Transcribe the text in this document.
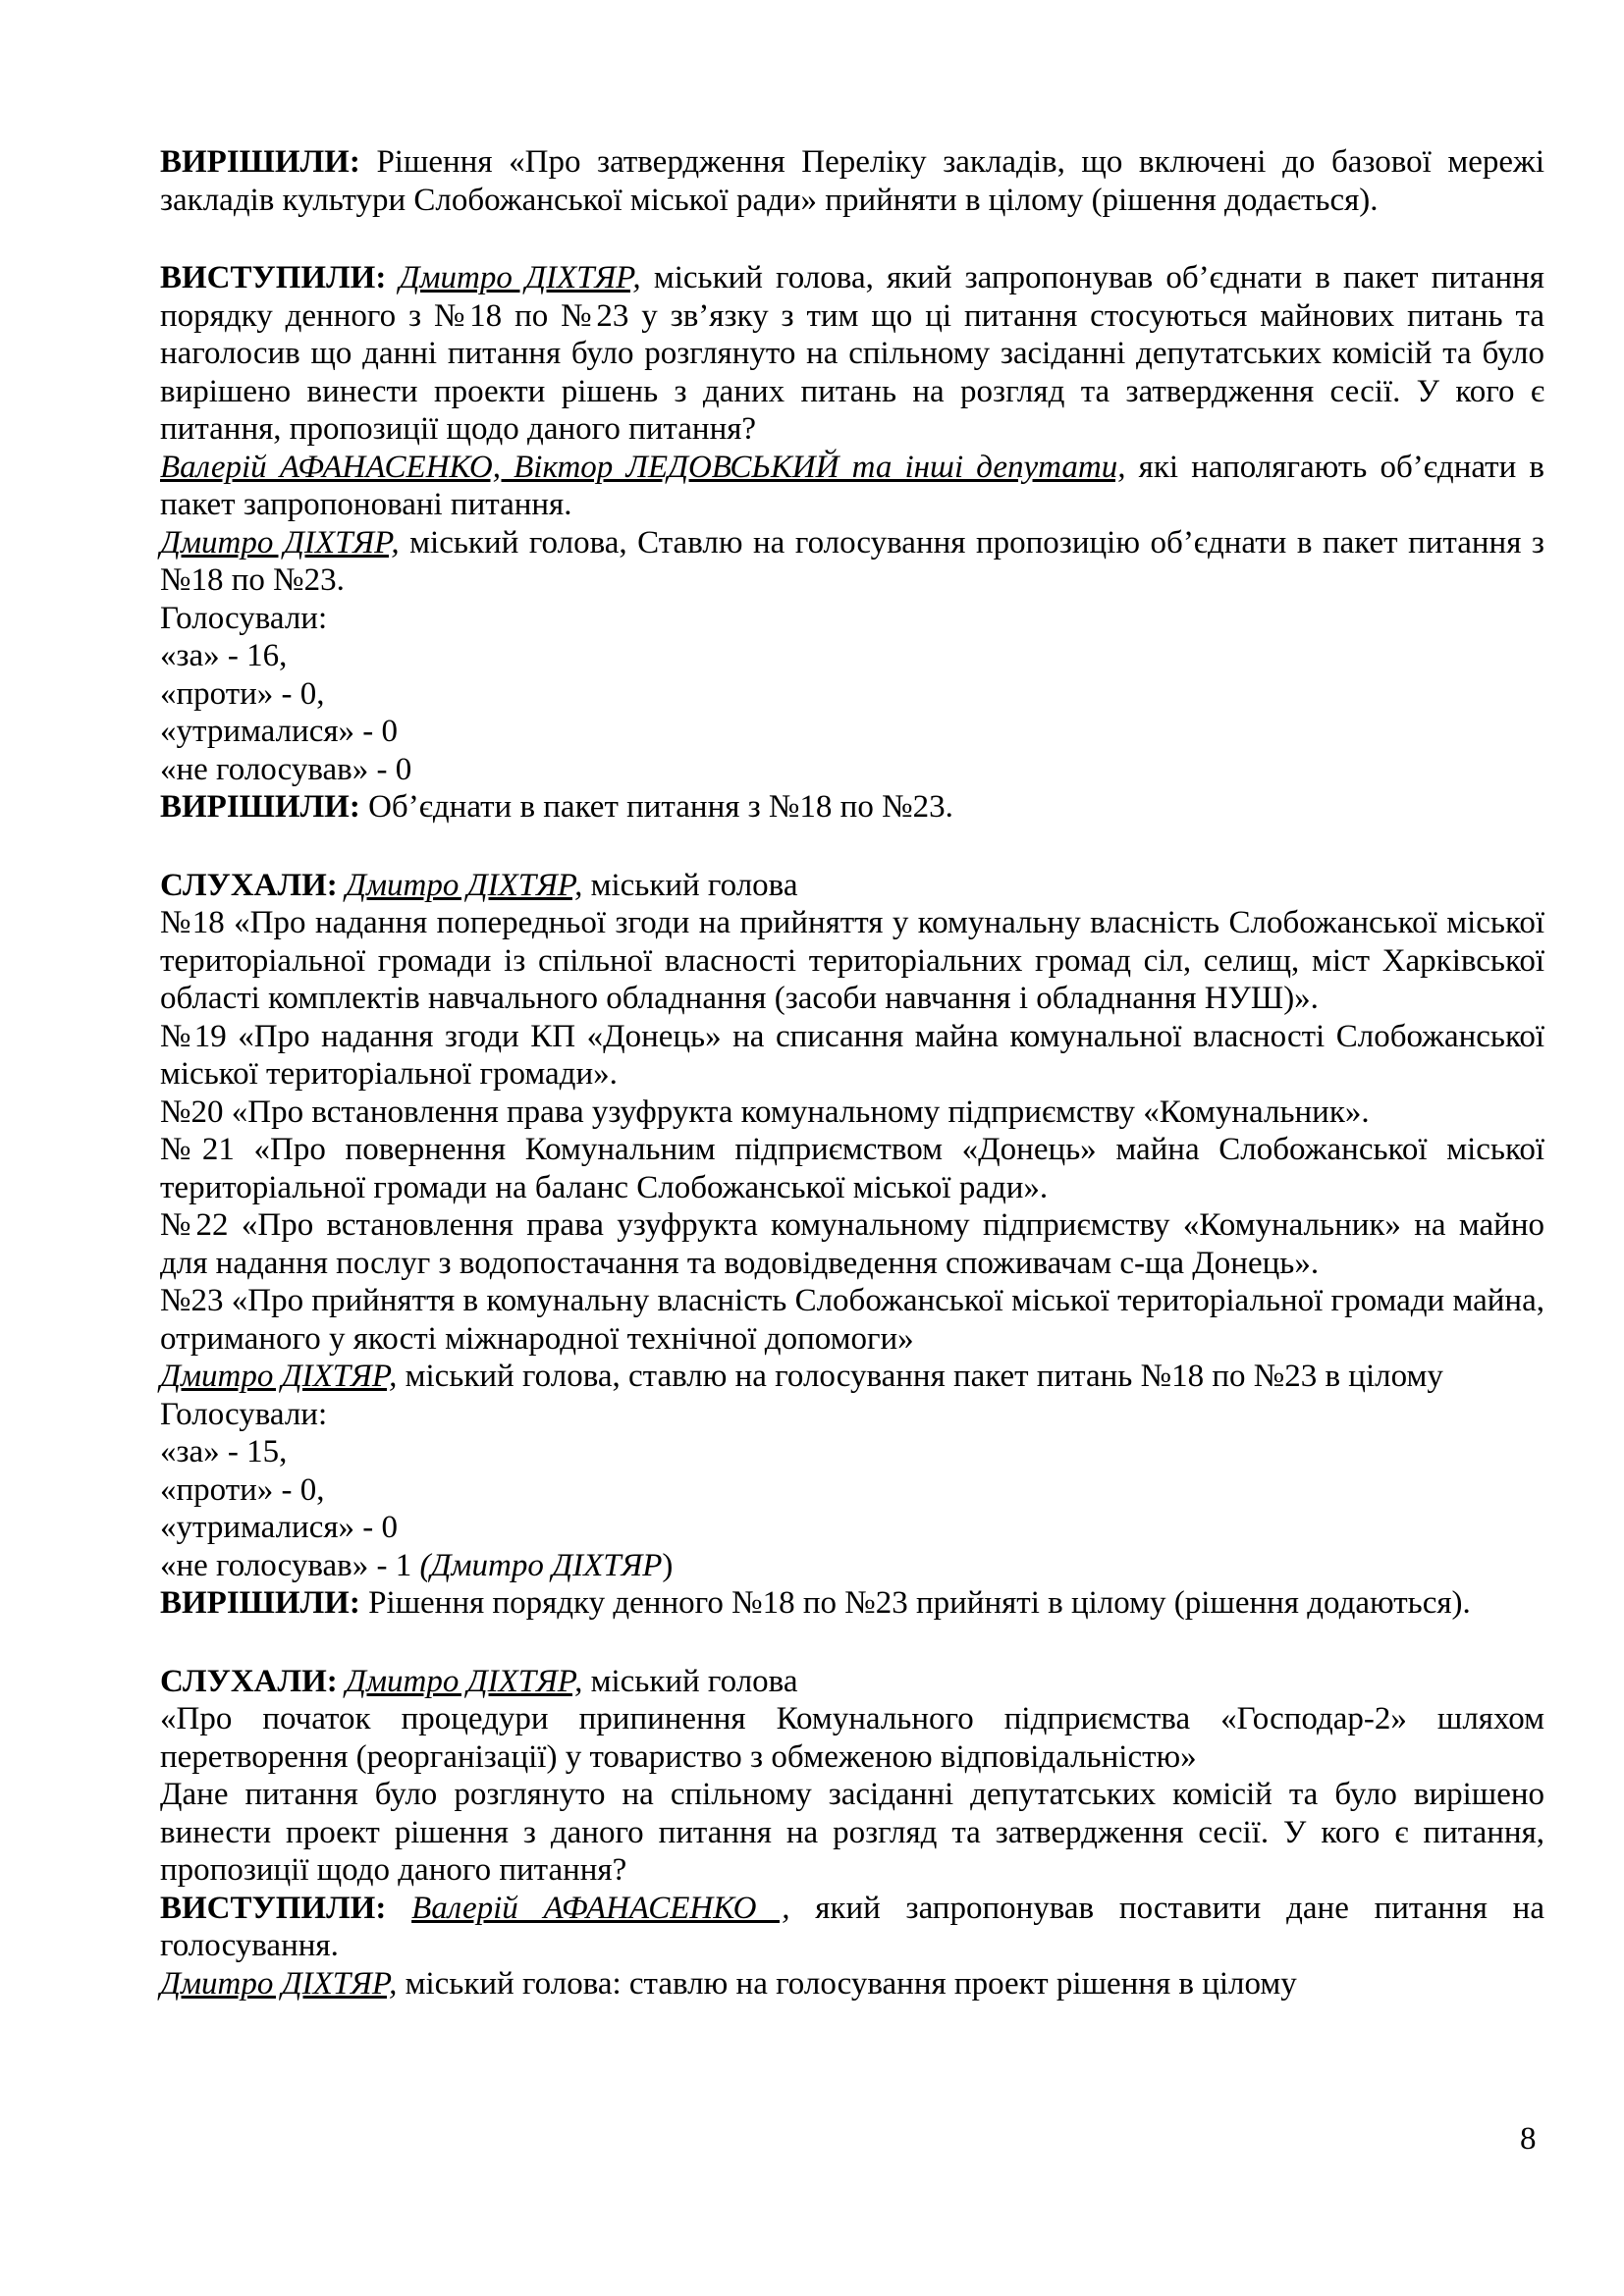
ВИРІШИЛИ: Рішення «Про затвердження Переліку закладів, що включені до базової мережі закладів культури Слобожанської міської ради» прийняти в цілому (рішення додається).

ВИСТУПИЛИ: Дмитро ДІХТЯР, міський голова, який запропонував об’єднати в пакет питання порядку денного з №18 по №23 у зв’язку з тим що ці питання стосуються майнових питань та наголосив що данні питання було розглянуто на спільному засіданні депутатських комісій та було вирішено винести проекти рішень з даних питань на розгляд та затвердження сесії. У кого є питання, пропозиції щодо даного питання?

Валерій АФАНАСЕНКО, Віктор ЛЕДОВСЬКИЙ та інші депутати, які наполягають об’єднати в пакет запропоновані питання.

Дмитро ДІХТЯР, міський голова, Ставлю на голосування пропозицію об’єднати в пакет питання з №18 по №23.

Голосували:

«за» - 16,

«проти» - 0,

«утрималися» - 0

«не голосував» - 0

ВИРІШИЛИ: Об’єднати в пакет питання з №18 по №23.

СЛУХАЛИ: Дмитро ДІХТЯР, міський голова

№18 «Про надання попередньої згоди на прийняття у комунальну власність Слобожанської міської територіальної громади із спільної власності територіальних громад сіл, селищ, міст Харківської області комплектів навчального обладнання (засоби навчання і обладнання НУШ)».

№19 «Про надання згоди КП «Донець» на списання майна комунальної власності Слобожанської міської територіальної громади».

№20 «Про встановлення права узуфрукта комунальному підприємству «Комунальник».

№21 «Про повернення Комунальним підприємством «Донець» майна Слобожанської міської територіальної громади на баланс Слобожанської міської ради».

№22 «Про встановлення права узуфрукта комунальному підприємству «Комунальник» на майно для надання послуг з водопостачання та водовідведення споживачам с-ща Донець».

№23 «Про прийняття в комунальну власність Слобожанської міської територіальної громади майна, отриманого у якості міжнародної технічної допомоги»

Дмитро ДІХТЯР, міський голова, ставлю на голосування пакет питань №18 по №23 в цілому

Голосували:

«за» - 15,

«проти» - 0,

«утрималися» - 0

«не голосував» - 1 (Дмитро ДІХТЯР)

ВИРІШИЛИ: Рішення порядку денного №18 по №23 прийняті в цілому (рішення додаються).

СЛУХАЛИ: Дмитро ДІХТЯР, міський голова

«Про початок процедури припинення Комунального підприємства «Господар-2» шляхом перетворення (реорганізації) у товариство з обмеженою відповідальністю»

Дане питання було розглянуто на спільному засіданні депутатських комісій та було вирішено винести проект рішення з даного питання на розгляд та затвердження сесії. У кого є питання, пропозиції щодо даного питання?

ВИСТУПИЛИ: Валерій АФАНАСЕНКО , який запропонував поставити дане питання на голосування.

Дмитро ДІХТЯР, міський голова: ставлю на голосування проект рішення в цілому

8
